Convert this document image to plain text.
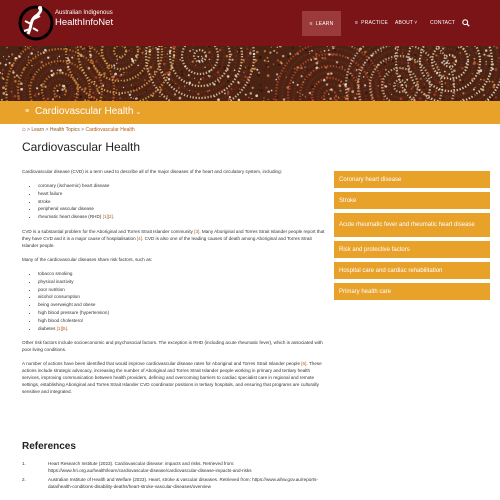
Australian Indigenous
HealthInfoNet	≡ LEARN	≡ PRACTICE ABOUT ˅	CONTACT
≡ Cardiovascular Health ⌄
⌂ > Learn > Health Topics > Cardiovascular Health
Cardiovascular Health

Cardiovascular disease (CVD) is a term used to describe all of the major diseases of the heart and circulatory system, including:

• coronary (ischaemic) heart disease
• heart failure
• stroke
• peripheral vascular disease
• rheumatic heart disease (RHD) [1][2].

CVD is a substantial problem for the Aboriginal and Torres Strait Islander community [3]. Many Aboriginal and Torres Strait Islander people report that they have CVD and it is a major cause of hospitalisation [4]. CVD is also one of the leading causes of death among Aboriginal and Torres Strait Islander people.

Many of the cardiovascular diseases share risk factors, such as:

• tobacco smoking
• physical inactivity
• poor nutrition
• alcohol consumption
• being overweight and obese
• high blood pressure (hypertension)
• high blood cholesterol
• diabetes [1][5].

Other risk factors include socioeconomic and psychosocial factors. The exception is RHD (including acute rheumatic fever), which is associated with poor living conditions.

A number of actions have been identified that would improve cardiovascular disease rates for Aboriginal and Torres Strait Islander people [6]. These actions include strategic advocacy, increasing the number of Aboriginal and Torres Strait Islander people working in primary and tertiary health services, improving communication between health providers, defining and overcoming barriers to cardiac specialist care in regional and remote settings, establishing Aboriginal and Torres Strait Islander CVD coordinator positions in tertiary hospitals, and ensuring that programs are culturally sensitive and integrated.

References
1.	Heart Research Institute (2023). Cardiovascular disease: impacts and risks. Retrieved from: https://www.hri.org.au/health/learn/cardiovascular-disease/cardiovascular-disease-impacts-and-risks
2.	Australian Institute of Health and Welfare (2023). Heart, stroke & vascular diseases. Retrieved from: https://www.aihw.gov.au/reports-data/health-conditions-disability-deaths/heart-stroke-vascular-diseases/overview
Coronary heart disease
Stroke
Acute rheumatic fever and rheumatic heart disease
Risk and protective factors
Hospital care and cardiac rehabilitation
Primary health care
